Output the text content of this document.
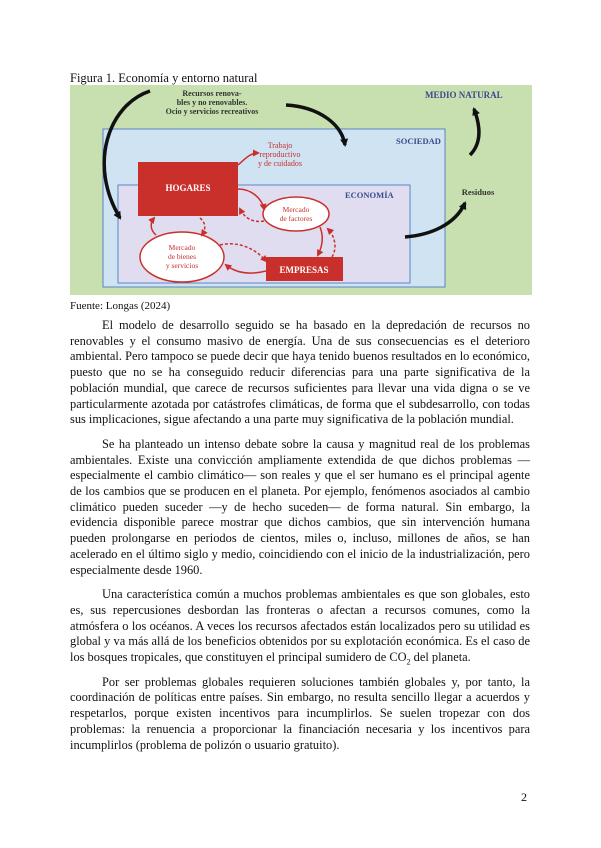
Figura 1. Economía y entorno natural
MEDIO NATURAL
SOCIEDAD
ECONOMÍA
Recursos renova-
bles y no renovables.
Ocio y servicios recreativos
Residuos
HOGARES
EMPRESAS
Trabajo
reproductivo
y de cuidados
Mercado
de factores
Mercado
de bienes
y servicios
Fuente: Longas (2024)

El modelo de desarrollo seguido se ha basado en la depredación de recursos no renovables y el consumo masivo de energía. Una de sus consecuencias es el deterioro ambiental. Pero tampoco se puede decir que haya tenido buenos resultados en lo económico, puesto que no se ha conseguido reducir diferencias para una parte significativa de la población mundial, que carece de recursos suficientes para llevar una vida digna o se ve particularmente azotada por catástrofes climáticas, de forma que el subdesarrollo, con todas sus implicaciones, sigue afectando a una parte muy significativa de la población mundial.

Se ha planteado un intenso debate sobre la causa y magnitud real de los problemas ambientales. Existe una convicción ampliamente extendida de que dichos problemas —especialmente el cambio climático— son reales y que el ser humano es el principal agente de los cambios que se producen en el planeta. Por ejemplo, fenómenos asociados al cambio climático pueden suceder —y de hecho suceden— de forma natural. Sin embargo, la evidencia disponible parece mostrar que dichos cambios, que sin intervención humana pueden prolongarse en periodos de cientos, miles o, incluso, millones de años, se han acelerado en el último siglo y medio, coincidiendo con el inicio de la industrialización, pero especialmente desde 1960.

Una característica común a muchos problemas ambientales es que son globales, esto es, sus repercusiones desbordan las fronteras o afectan a recursos comunes, como la atmósfera o los océanos. A veces los recursos afectados están localizados pero su utilidad es global y va más allá de los beneficios obtenidos por su explotación económica. Es el caso de los bosques tropicales, que constituyen el principal sumidero de $CO_2$ del planeta.

Por ser problemas globales requieren soluciones también globales y, por tanto, la coordinación de políticas entre países. Sin embargo, no resulta sencillo llegar a acuerdos y respetarlos, porque existen incentivos para incumplirlos. Se suelen tropezar con dos problemas: la renuencia a proporcionar la financiación necesaria y los incentivos para incumplirlos (problema de polizón o usuario gratuito).

2
